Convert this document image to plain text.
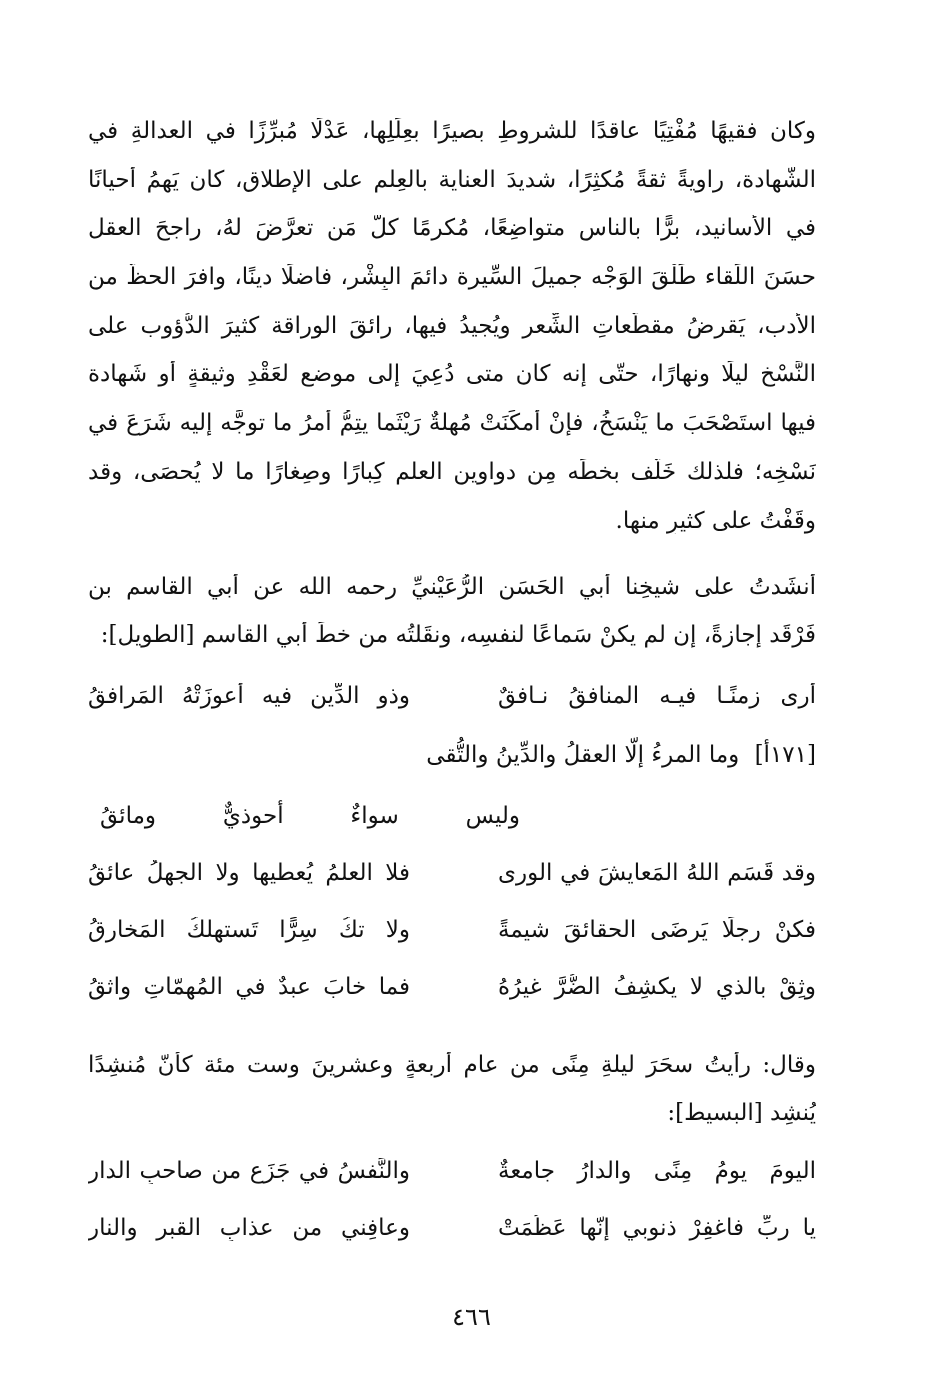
وكان فقيهًا مُفْتِيًا عاقدًا للشروطِ بصيرًا بعِلَلِها، عَدْلًا مُبرِّزًا في العدالةِ في
الشّهادة، راويةً ثقةً مُكثِرًا، شديدَ العناية بالعِلم على الإطلاق، كان يَهِمُ أحيانًا
في الأسانيد، برًّا بالناس متواضِعًا، مُكرِمًا كلَّ مَن تعرَّضَ لهُ، راجحَ العقل
حسَنَ اللِّقاء طَلْقَ الوَجْه جميلَ السِّيرة دائمَ البِشْر، فاضلًا دينًا، وافرَ الحظّ من
الأدب، يَقرضُ مقطَّعاتِ الشِّعر ويُجيدُ فيها، رائقَ الوِراقة كثيرَ الدُّؤوب على
النَّسْخ ليلًا ونهارًا، حتّى إنه كان متى دُعِيَ إلى موضعٍ لعَقْدِ وثيقةٍ أو شَهادة
فيها استَصْحَبَ ما يَنْسَخُ، فإنْ أمكَنَتْ مُهلةٌ رَيْثَما يتِمُّ أمرُ ما توجَّه إليه شَرَعَ في
نَسْخِه؛ فلذلك خَلّف بخطِّه مِن دواوينِ العلم كِبارًا وصِغارًا ما لا يُحصَى، وقد
وقَفْتُ على كثيرٍ منها.
أنشَدتُ على شيخِنا أبي الحَسَن الرُّعَيْنيِّ رحمه الله عن أبي القاسم بن
فَرْقَد إجازةً، إن لم يكنْ سَماعًا لنفسِه، ونقَلتُه من خطِّ أبي القاسم [الطويل]:
أرى زمنًـا فيـه المنافقُ نـافقٌ
وذو الدِّين فيه أعوزَتْهُ المَرافقُ
[١٧١أ] وما المرءُ إلّا العقلُ والدِّينُ والتُّقى
وليس سواءٌ أحوذيٌّ ومائقُ
وقد قَسَم اللهُ المَعايشَ في الورى
فلا العلمُ يُعطيها ولا الجهلُ عائقُ
فكنْ رجلًا يَرضَى الحقائقَ شيمةً
ولا تكُ سِرًّا تَستهلكُ المَخارقُ
وثِقْ بالذي لا يكشِفُ الضُّرَّ غيرُهُ
فما خابَ عبدٌ في المُهمّاتِ واثقُ
وقال: رأيتُ سحَرَ ليلةِ مِنًى من عام أربعةٍ وعشرينَ وست مئة كأنّ مُنشِدًا
يُنشِد [البسيط]:
اليومَ يومُ مِنًى والدارُ جامعةٌ
والنَّفسُ في جَزَعٍ من صاحبِ الدارِ
يا ربِّ فاغفِرْ ذنوبي إنّها عَظُمَتْ
وعافِني من عذابِ القبرِ والنارِ
٤٦٦
